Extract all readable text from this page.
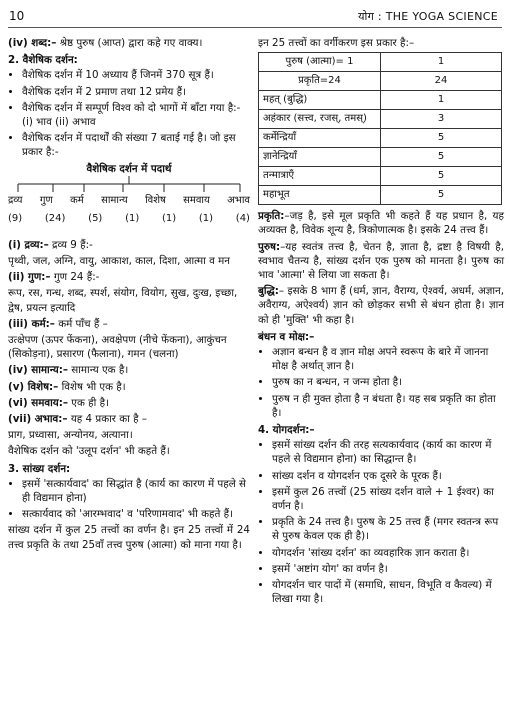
10	योग : THE YOGA SCIENCE

(iv) शब्द:– श्रेष्ठ पुरुष (आप्त) द्वारा कहे गए वाक्य।

2. वैशेषिक दर्शन:
• वैशेषिक दर्शन में 10 अध्याय हैं जिनमें 370 सूत्र हैं।
• वैशेषिक दर्शन में 2 प्रमाण तथा 12 प्रमेय हैं।
• वैशेषिक दर्शन में सम्पूर्ण विश्व को दो भागों में बाँटा गया है:- (i) भाव (ii) अभाव
• वैशेषिक दर्शन में पदार्थों की संख्या 7 बताई गई है। जो इस प्रकार है:-
वैशेषिक दर्शन में पदार्थ
द्रव्य गुण कर्म सामान्य विशेष समवाय अभाव
(9) (24) (5) (1) (1) (1) (4)

(i) द्रव्य:– द्रव्य 9 हैं:-

पृथ्वी, जल, अग्नि, वायु, आकाश, काल, दिशा, आत्मा व मन

(ii) गुण:– गुण 24 हैं:-

रूप, रस, गन्ध, शब्द, स्पर्श, संयोग, वियोग, सुख, दुःख, इच्छा, द्वेष, प्रयत्न इत्यादि

(iii) कर्म:– कर्म पाँच हैं –

उत्क्षेपण (ऊपर फेंकना), अवक्षेपण (नीचे फेंकना), आकुंचन (सिकोड़ना), प्रसारण (फैलाना), गमन (चलना)

(iv) सामान्य:– सामान्य एक है।

(v) विशेष:– विशेष भी एक है।

(vi) समवाय:– एक ही है।

(vii) अभाव:– यह 4 प्रकार का है –

प्राग, प्रध्वासा, अन्योनय, अत्याना।

वैशेषिक दर्शन को 'उलूप दर्शन' भी कहते हैं।

3. सांख्य दर्शन:
• इसमें 'सत्कार्यवाद' का सिद्धांत है (कार्य का कारण में पहले से ही विद्यमान होना)
• सत्कार्यवाद को 'आरम्भवाद' व 'परिणामवाद' भी कहते हैं।

सांख्य दर्शन में कुल 25 तत्त्वों का वर्णन है। इन 25 तत्त्वों में 24 तत्त्व प्रकृति के तथा 25वाँ तत्त्व पुरुष (आत्मा) को माना गया है।

इन 25 तत्त्वों का वर्गीकरण इस प्रकार है:–

पुरुष (आत्मा)= 1	1
प्रकृति=24	24
महत् (बुद्धि)	1
अहंकार (सत्त्व, रजस्, तमस्)	3
कर्मेन्द्रियाँ	5
ज्ञानेन्द्रियाँ	5
तन्मात्राएँ	5
महाभूत	5

प्रकृति:–जड़ है, इसे मूल प्रकृति भी कहते हैं यह प्रधान है, यह अव्यक्त है, विवेक शून्य है, त्रिकोणात्मक है। इसके 24 तत्त्व हैं।

पुरुष:–यह स्वतंत्र तत्त्व है, चेतन है, ज्ञाता है, द्रष्टा है विषयी है, स्वभाव चैतन्य है, सांख्य दर्शन एक पुरुष को मानता है। पुरुष का भाव 'आत्मा' से लिया जा सकता है।

बुद्धि:– इसके 8 भाग हैं (धर्म, ज्ञान, वैराग्य, ऐश्वर्य, अधर्म, अज्ञान, अवैराग्य, अऐश्वर्य) ज्ञान को छोड़कर सभी से बंधन होता है। ज्ञान को ही 'मुक्ति' भी कहा है।

बंधन व मोक्ष:–
• अज्ञान बन्धन है व ज्ञान मोक्ष अपने स्वरूप के बारे में जानना मोक्ष है अर्थात् ज्ञान है।
• पुरुष का न बन्धन, न जन्म होता है।
• पुरुष न ही मुक्त होता है न बंधता है। यह सब प्रकृति का होता है।
4. योगदर्शन:–
• इसमें सांख्य दर्शन की तरह सत्यकार्यवाद (कार्य का कारण में पहले से विद्यमान होना) का सिद्धान्त है।
• सांख्य दर्शन व योगदर्शन एक दूसरे के पूरक हैं।
• इसमें कुल 26 तत्त्वों (25 सांख्य दर्शन वाले + 1 ईश्वर) का वर्णन है।
• प्रकृति के 24 तत्त्व है। पुरुष के 25 तत्त्व हैं (मगर स्वतन्त्र रूप से पुरुष केवल एक ही है)।
• योगदर्शन 'सांख्य दर्शन' का व्यवहारिक ज्ञान कराता है।
• इसमें 'अष्टांग योग' का वर्णन है।
• योगदर्शन चार पादों में (समाधि, साधन, विभूति व कैवल्य) में लिखा गया है।
